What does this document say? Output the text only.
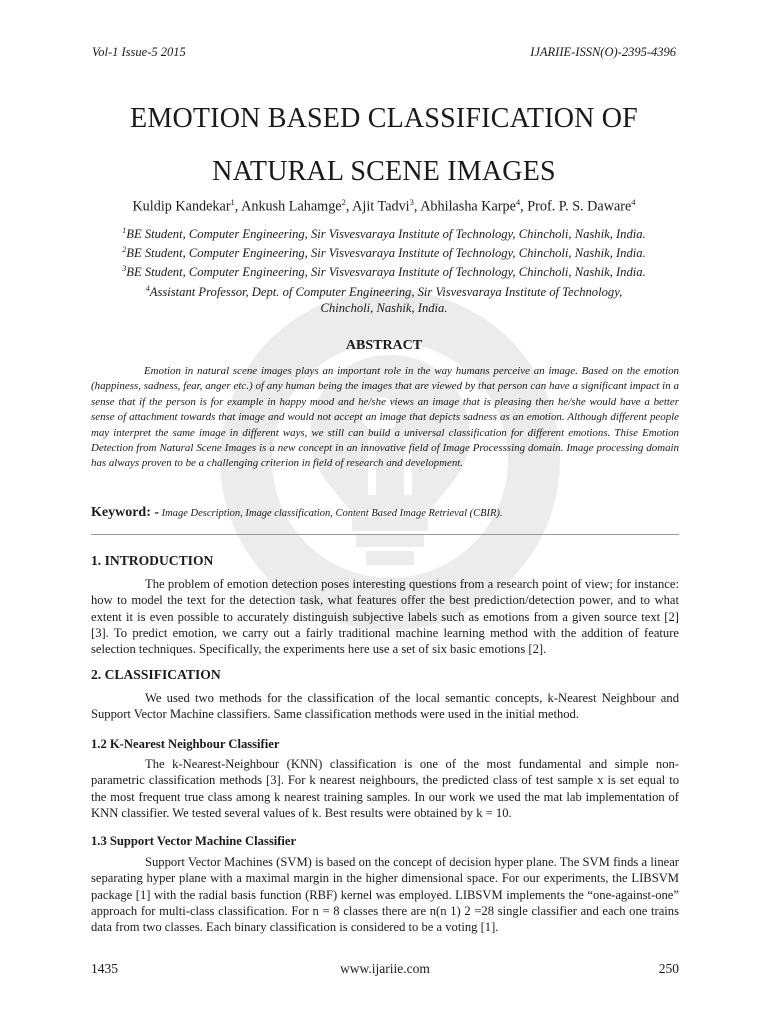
Vol-1 Issue-5 2015	IJARIIE-ISSN(O)-2395-4396
EMOTION BASED CLASSIFICATION OF
NATURAL SCENE IMAGES
Kuldip Kandekar$^1$, Ankush Lahamge$^2$, Ajit Tadvi$^3$, Abhilasha Karpe$^4$, Prof. P. S. Daware$^4$
$^1$BE Student, Computer Engineering, Sir Visvesvaraya Institute of Technology, Chincholi, Nashik, India.
$^2$BE Student, Computer Engineering, Sir Visvesvaraya Institute of Technology, Chincholi, Nashik, India.
$^3$BE Student, Computer Engineering, Sir Visvesvaraya Institute of Technology, Chincholi, Nashik, India.
$^4$Assistant Professor, Dept. of Computer Engineering, Sir Visvesvaraya Institute of Technology,
Chincholi, Nashik, India.
ABSTRACT
Emotion in natural scene images plays an important role in the way humans perceive an image. Based on the emotion (happiness, sadness, fear, anger etc.) of any human being the images that are viewed by that person can have a significant impact in a sense that if the person is for example in happy mood and he/she views an image that is pleasing then he/she would have a better sense of attachment towards that image and would not accept an image that depicts sadness as an emotion. Although different people may interpret the same image in different ways, we still can build a universal classification for different emotions. Thise Emotion Detection from Natural Scene Images is a new concept in an innovative field of Image Processsing domain. Image processing domain has always proven to be a challenging criterion in field of research and development.
Keyword: - Image Description, Image classification, Content Based Image Retrieval (CBIR).
1. INTRODUCTION
The problem of emotion detection poses interesting questions from a research point of view; for instance: how to model the text for the detection task, what features offer the best prediction/detection power, and to what extent it is even possible to accurately distinguish subjective labels such as emotions from a given source text [2] [3]. To predict emotion, we carry out a fairly traditional machine learning method with the addition of feature selection techniques. Specifically, the experiments here use a set of six basic emotions [2].
2. CLASSIFICATION
We used two methods for the classification of the local semantic concepts, k-Nearest Neighbour and Support Vector Machine classifiers. Same classification methods were used in the initial method.
1.2 K-Nearest Neighbour Classifier
The k-Nearest-Neighbour (KNN) classification is one of the most fundamental and simple non-parametric classification methods [3]. For k nearest neighbours, the predicted class of test sample x is set equal to the most frequent true class among k nearest training samples. In our work we used the mat lab implementation of KNN classifier. We tested several values of k. Best results were obtained by k = 10.
1.3 Support Vector Machine Classifier
Support Vector Machines (SVM) is based on the concept of decision hyper plane. The SVM finds a linear separating hyper plane with a maximal margin in the higher dimensional space. For our experiments, the LIBSVM package [1] with the radial basis function (RBF) kernel was employed. LIBSVM implements the “one-against-one” approach for multi-class classification. For n = 8 classes there are n(n 1) 2 =28 single classifier and each one trains data from two classes. Each binary classification is considered to be a voting [1].
1435	www.ijariie.com	250
